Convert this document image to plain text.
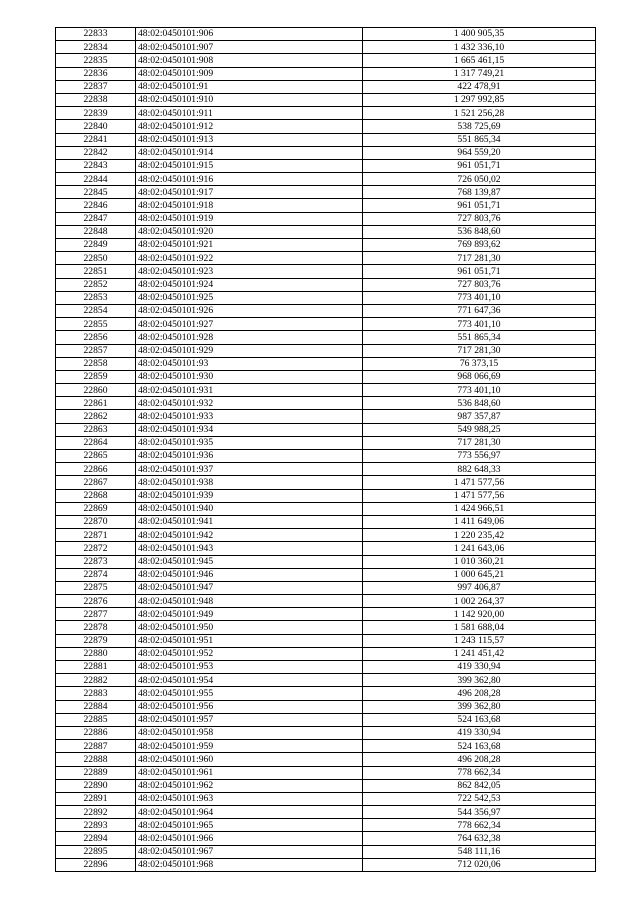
22833	48:02:0450101:906	1 400 905,35
22834	48:02:0450101:907	1 432 336,10
22835	48:02:0450101:908	1 665 461,15
22836	48:02:0450101:909	1 317 749,21
22837	48:02:0450101:91	422 478,91
22838	48:02:0450101:910	1 297 992,85
22839	48:02:0450101:911	1 521 256,28
22840	48:02:0450101:912	538 725,69
22841	48:02:0450101:913	551 865,34
22842	48:02:0450101:914	964 559,20
22843	48:02:0450101:915	961 051,71
22844	48:02:0450101:916	726 050,02
22845	48:02:0450101:917	768 139,87
22846	48:02:0450101:918	961 051,71
22847	48:02:0450101:919	727 803,76
22848	48:02:0450101:920	536 848,60
22849	48:02:0450101:921	769 893,62
22850	48:02:0450101:922	717 281,30
22851	48:02:0450101:923	961 051,71
22852	48:02:0450101:924	727 803,76
22853	48:02:0450101:925	773 401,10
22854	48:02:0450101:926	771 647,36
22855	48:02:0450101:927	773 401,10
22856	48:02:0450101:928	551 865,34
22857	48:02:0450101:929	717 281,30
22858	48:02:0450101:93	76 373,15
22859	48:02:0450101:930	968 066,69
22860	48:02:0450101:931	773 401,10
22861	48:02:0450101:932	536 848,60
22862	48:02:0450101:933	987 357,87
22863	48:02:0450101:934	549 988,25
22864	48:02:0450101:935	717 281,30
22865	48:02:0450101:936	773 556,97
22866	48:02:0450101:937	882 648,33
22867	48:02:0450101:938	1 471 577,56
22868	48:02:0450101:939	1 471 577,56
22869	48:02:0450101:940	1 424 966,51
22870	48:02:0450101:941	1 411 649,06
22871	48:02:0450101:942	1 220 235,42
22872	48:02:0450101:943	1 241 643,06
22873	48:02:0450101:945	1 010 360,21
22874	48:02:0450101:946	1 000 645,21
22875	48:02:0450101:947	997 406,87
22876	48:02:0450101:948	1 002 264,37
22877	48:02:0450101:949	1 142 920,00
22878	48:02:0450101:950	1 581 688,04
22879	48:02:0450101:951	1 243 115,57
22880	48:02:0450101:952	1 241 451,42
22881	48:02:0450101:953	419 330,94
22882	48:02:0450101:954	399 362,80
22883	48:02:0450101:955	496 208,28
22884	48:02:0450101:956	399 362,80
22885	48:02:0450101:957	524 163,68
22886	48:02:0450101:958	419 330,94
22887	48:02:0450101:959	524 163,68
22888	48:02:0450101:960	496 208,28
22889	48:02:0450101:961	778 662,34
22890	48:02:0450101:962	862 842,05
22891	48:02:0450101:963	722 542,53
22892	48:02:0450101:964	544 356,97
22893	48:02:0450101:965	778 662,34
22894	48:02:0450101:966	764 632,38
22895	48:02:0450101:967	548 111,16
22896	48:02:0450101:968	712 020,06
